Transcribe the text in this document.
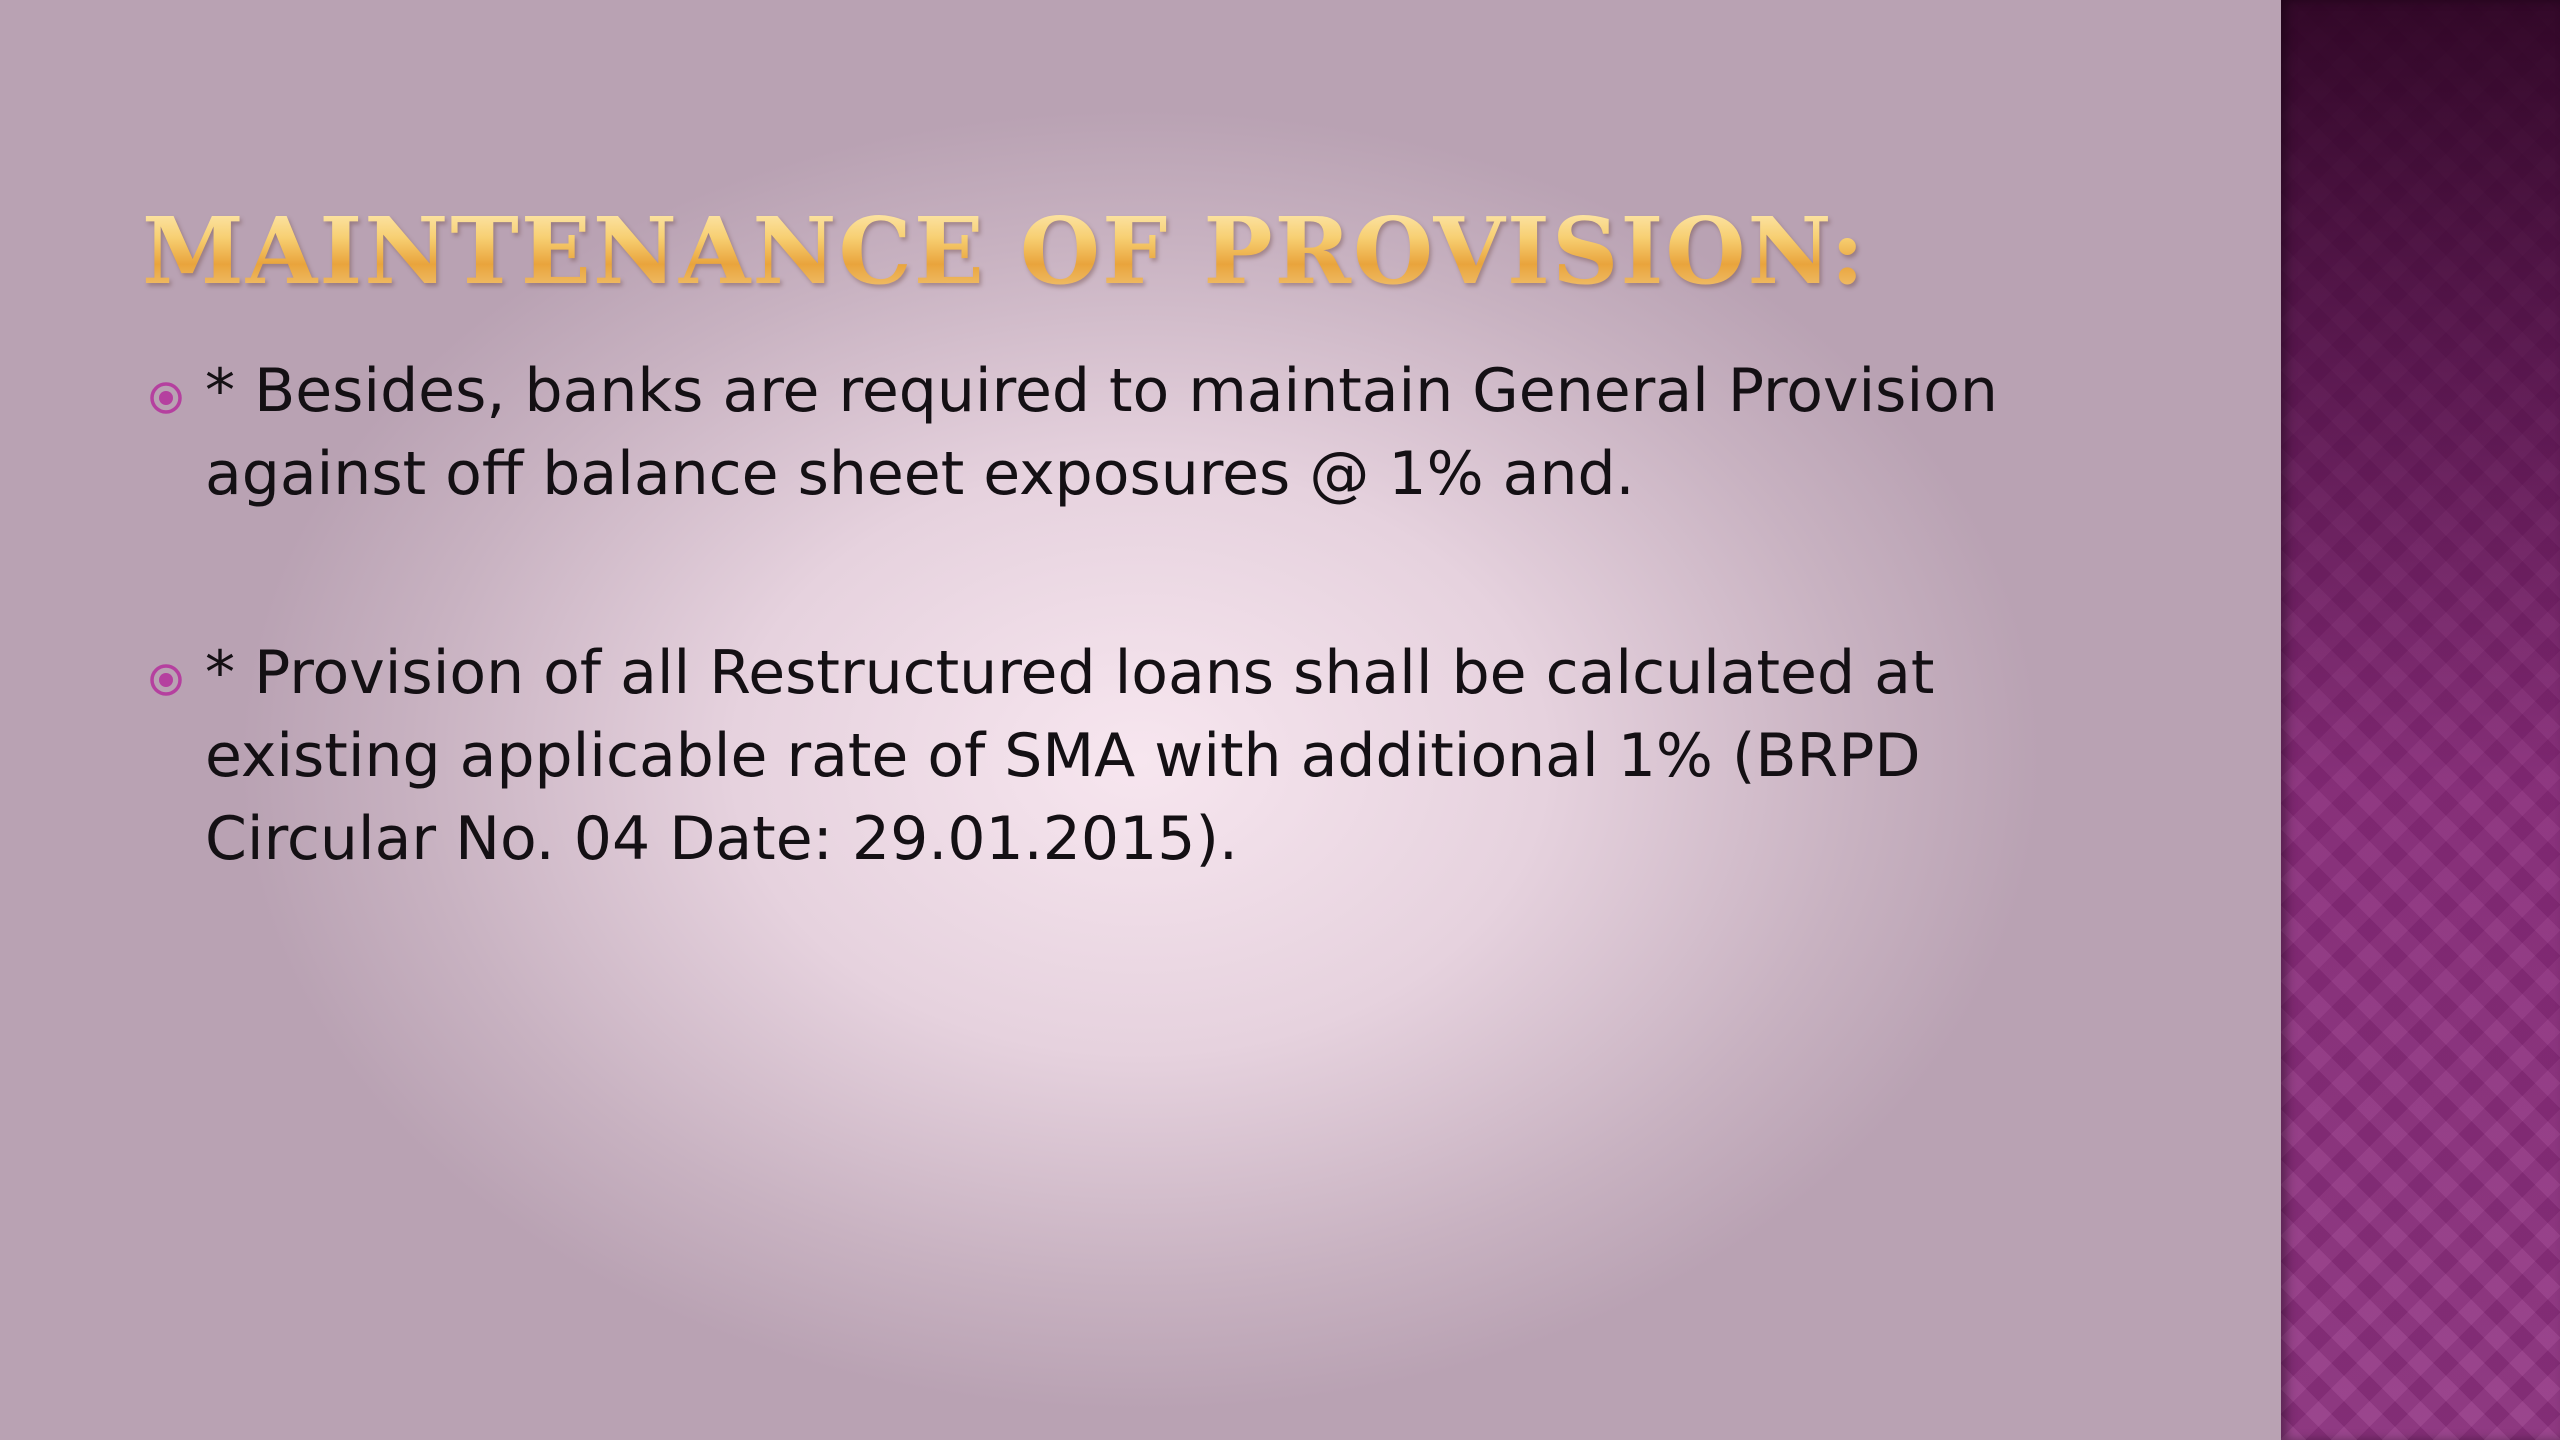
MAINTENANCE OF PROVISION:
* Besides, banks are required to maintain General Provision against off balance sheet exposures @ 1% and.
* Provision of all Restructured loans shall be calculated at existing applicable rate of SMA with additional 1% (BRPD Circular No. 04 Date: 29.01.2015).
